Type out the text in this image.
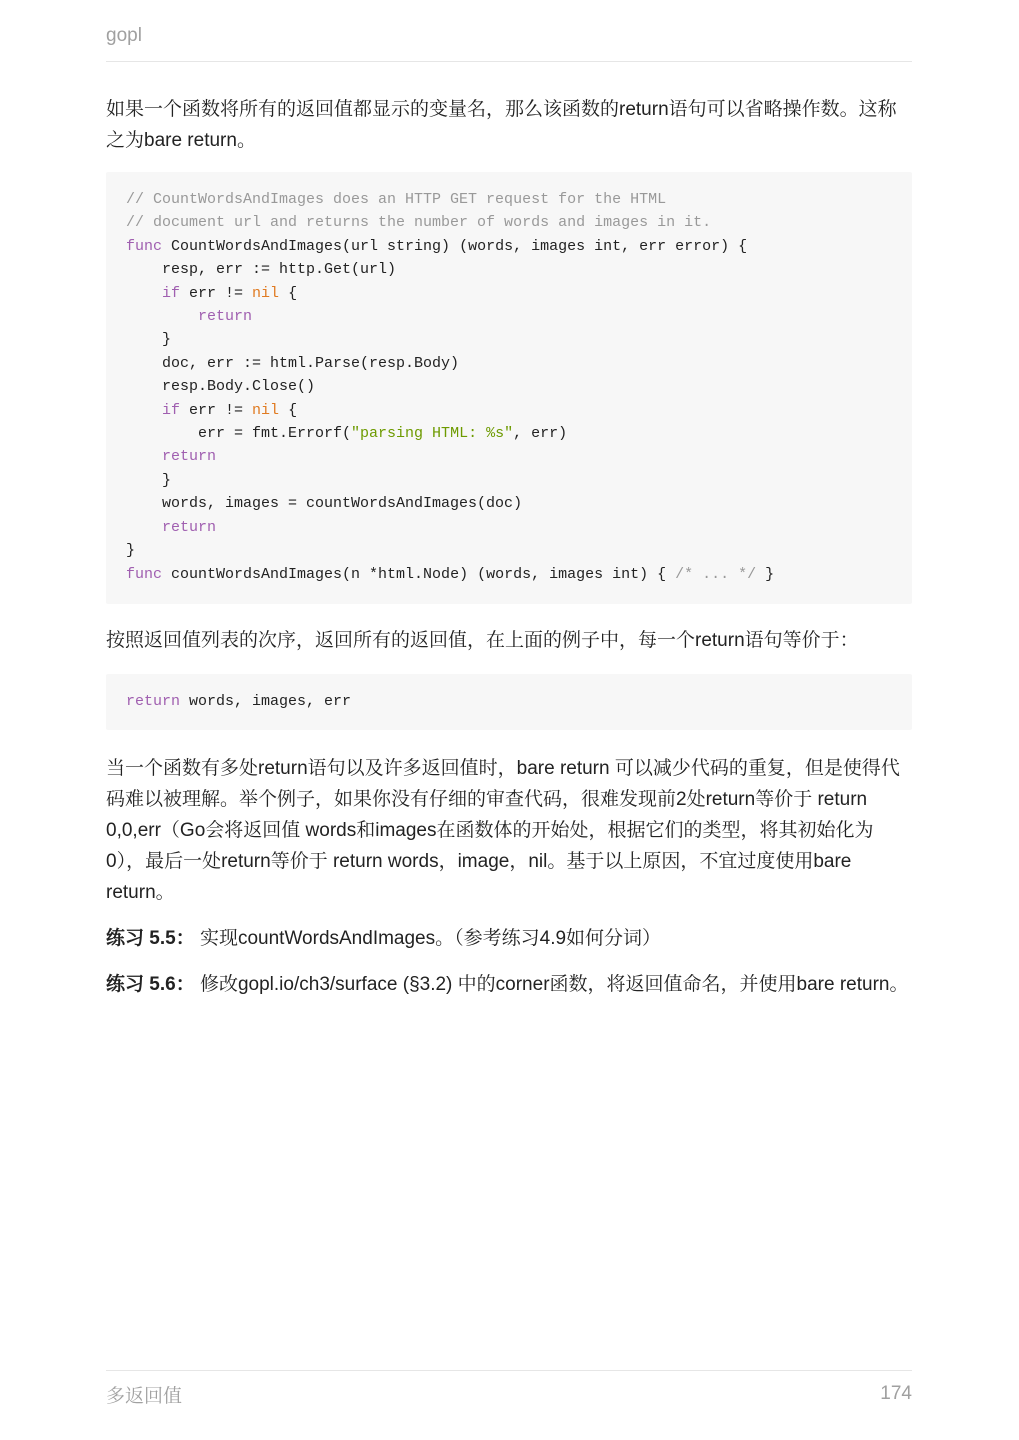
gopl

如果一个函数将所有的返回值都显示的变量名，那么该函数的return语句可以省略操作数。这称之为bare return。

// CountWordsAndImages does an HTTP GET request for the HTML
// document url and returns the number of words and images in it.
func CountWordsAndImages(url string) (words, images int, err error) {
resp, err := http.Get(url)
if err != nil {
return
}
doc, err := html.Parse(resp.Body)
resp.Body.Close()
if err != nil {
err = fmt.Errorf("parsing HTML: %s", err)
return
}
words, images = countWordsAndImages(doc)
return
}
func countWordsAndImages(n *html.Node) (words, images int) { /* ... */ }

按照返回值列表的次序，返回所有的返回值，在上面的例子中，每一个return语句等价于：

return words, images, err

当一个函数有多处return语句以及许多返回值时，bare return 可以减少代码的重复，但是使得代码难以被理解。举个例子，如果你没有仔细的审查代码，很难发现前2处return等价于 return 0,0,err（Go会将返回值 words和images在函数体的开始处，根据它们的类型，将其初始化为0），最后一处return等价于 return words，image，nil。基于以上原因，不宜过度使用bare return。

练习 5.5： 实现countWordsAndImages。（参考练习4.9如何分词）

练习 5.6： 修改gopl.io/ch3/surface (§3.2) 中的corner函数，将返回值命名，并使用bare return。

多返回值	174
